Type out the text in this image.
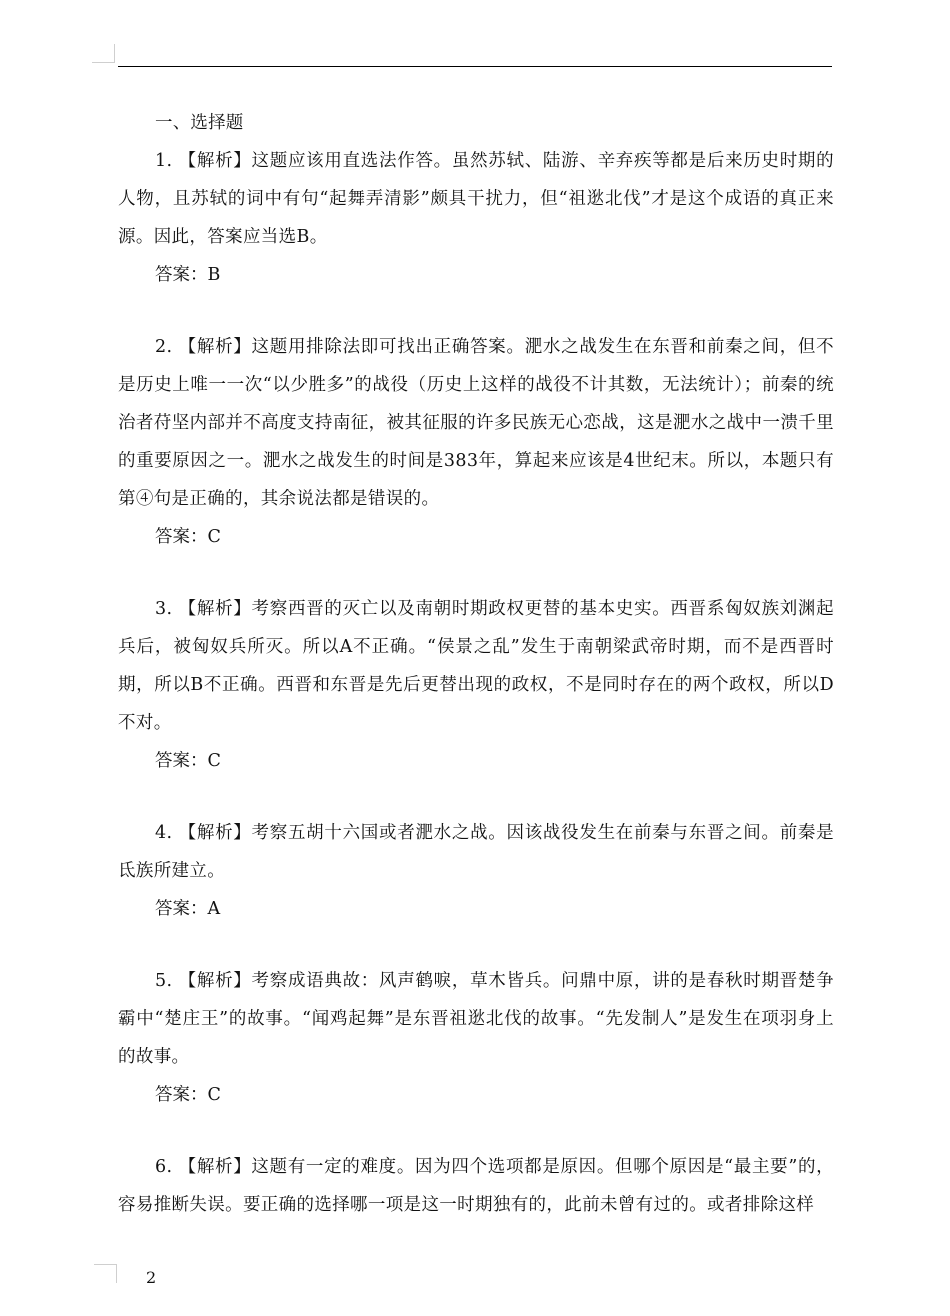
一、选择题

1. 【解析】这题应该用直选法作答。虽然苏轼、陆游、辛弃疾等都是后来历史时期的人物，且苏轼的词中有句“起舞弄清影”颇具干扰力，但“祖逖北伐”才是这个成语的真正来源。因此，答案应当选B。

答案：B

2. 【解析】这题用排除法即可找出正确答案。淝水之战发生在东晋和前秦之间，但不是历史上唯一一次“以少胜多”的战役（历史上这样的战役不计其数，无法统计）；前秦的统治者苻坚内部并不高度支持南征，被其征服的许多民族无心恋战，这是淝水之战中一溃千里的重要原因之一。淝水之战发生的时间是383年，算起来应该是4世纪末。所以，本题只有第④句是正确的，其余说法都是错误的。

答案：C

3. 【解析】考察西晋的灭亡以及南朝时期政权更替的基本史实。西晋系匈奴族刘渊起兵后，被匈奴兵所灭。所以A不正确。“侯景之乱”发生于南朝梁武帝时期，而不是西晋时期，所以B不正确。西晋和东晋是先后更替出现的政权，不是同时存在的两个政权，所以D不对。

答案：C

4. 【解析】考察五胡十六国或者淝水之战。因该战役发生在前秦与东晋之间。前秦是氐族所建立。

答案：A

5. 【解析】考察成语典故：风声鹤唳，草木皆兵。问鼎中原，讲的是春秋时期晋楚争霸中“楚庄王”的故事。“闻鸡起舞”是东晋祖逖北伐的故事。“先发制人”是发生在项羽身上的故事。

答案：C

6. 【解析】这题有一定的难度。因为四个选项都是原因。但哪个原因是“最主要”的，容易推断失误。要正确的选择哪一项是这一时期独有的，此前未曾有过的。或者排除这样

2
